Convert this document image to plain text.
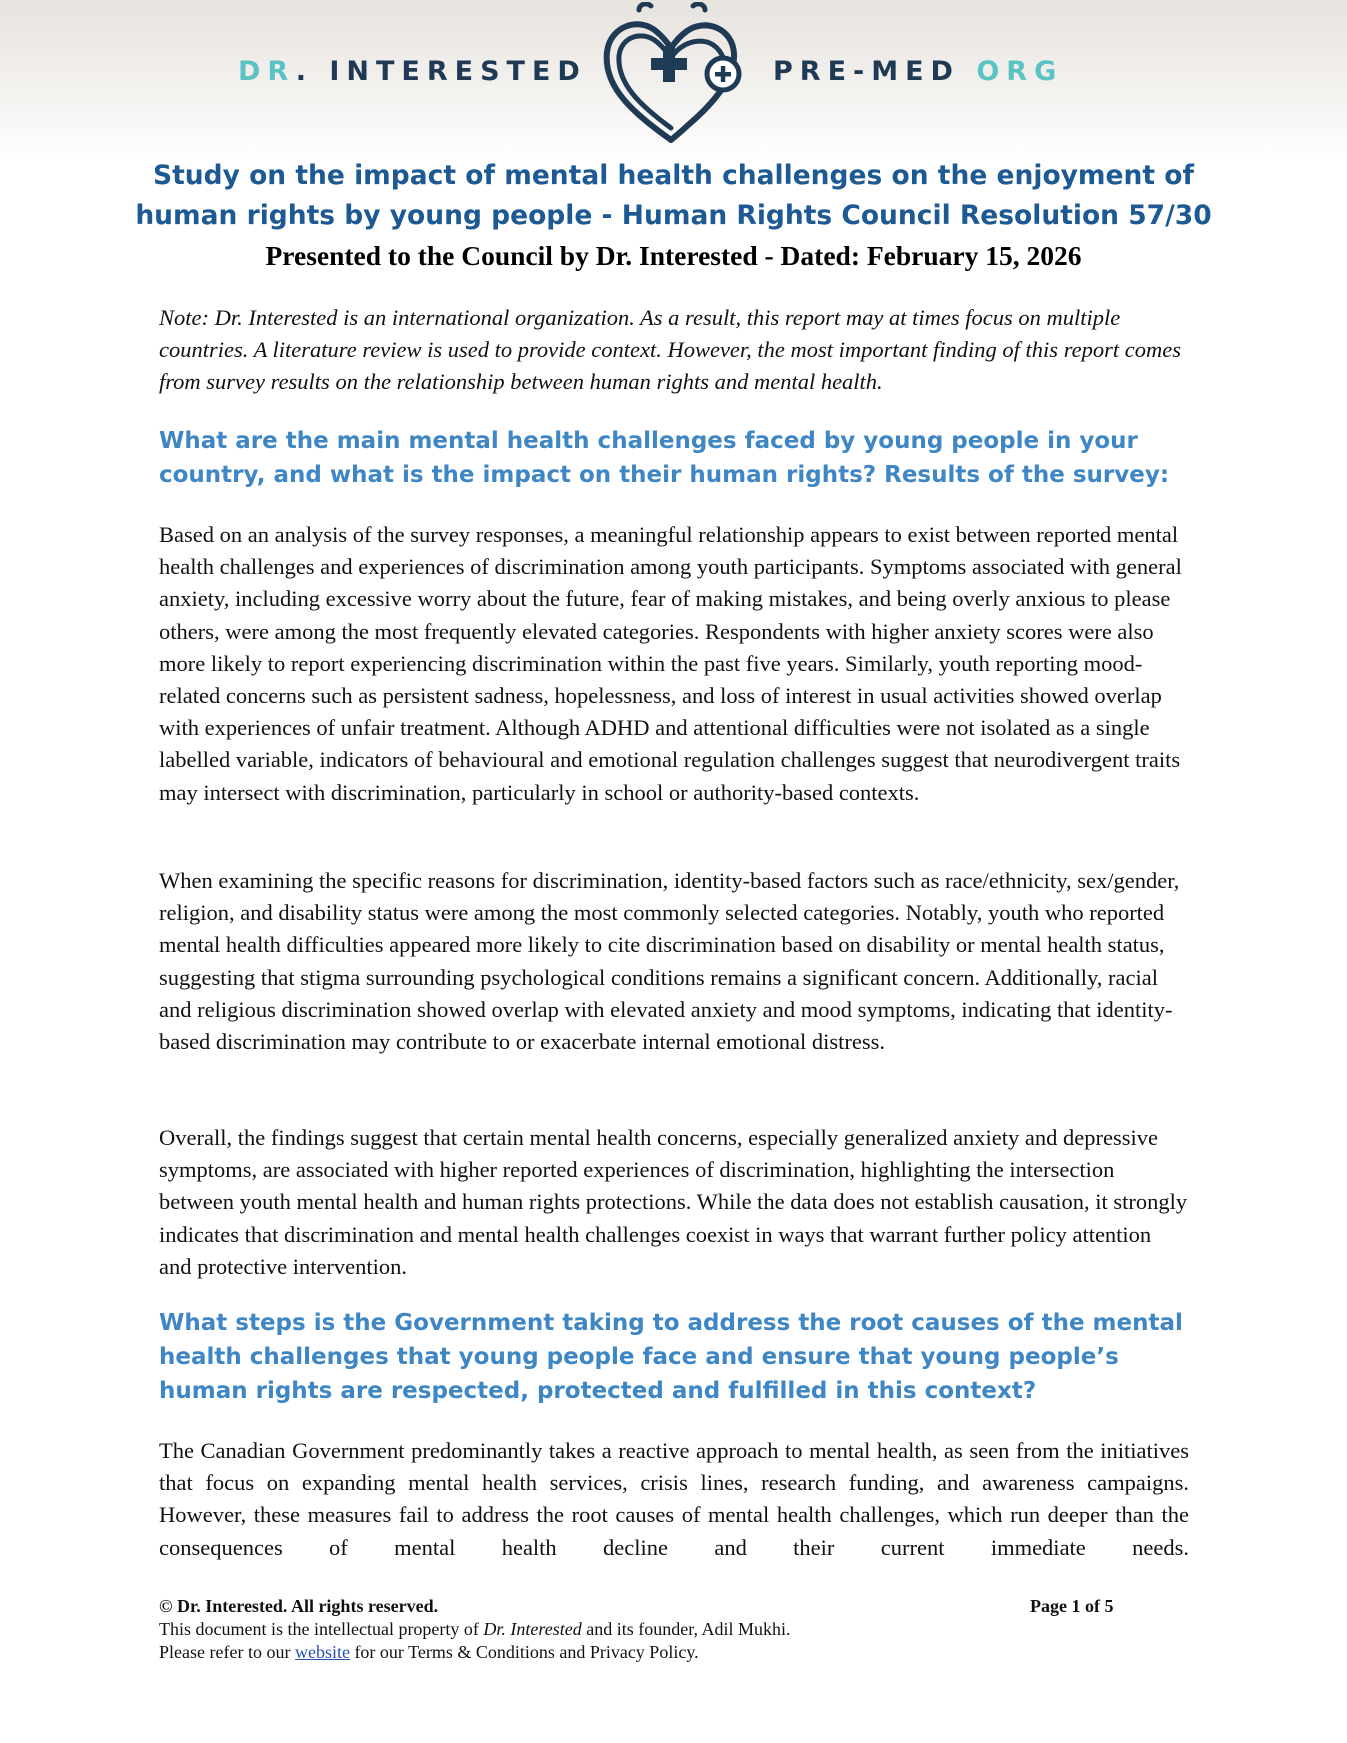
DR. INTERESTED	PRE-MED ORG
Study on the impact of mental health challenges on the enjoyment of human rights by young people - Human Rights Council Resolution 57/30
Presented to the Council by Dr. Interested - Dated: February 15, 2026

Note: Dr. Interested is an international organization. As a result, this report may at times focus on multiple countries. A literature review is used to provide context. However, the most important finding of this report comes from survey results on the relationship between human rights and mental health.

What are the main mental health challenges faced by young people in your country, and what is the impact on their human rights? Results of the survey:

Based on an analysis of the survey responses, a meaningful relationship appears to exist between reported mental health challenges and experiences of discrimination among youth participants. Symptoms associated with general anxiety, including excessive worry about the future, fear of making mistakes, and being overly anxious to please others, were among the most frequently elevated categories. Respondents with higher anxiety scores were also more likely to report experiencing discrimination within the past five years. Similarly, youth reporting mood-related concerns such as persistent sadness, hopelessness, and loss of interest in usual activities showed overlap with experiences of unfair treatment. Although ADHD and attentional difficulties were not isolated as a single labelled variable, indicators of behavioural and emotional regulation challenges suggest that neurodivergent traits may intersect with discrimination, particularly in school or authority-based contexts.

When examining the specific reasons for discrimination, identity-based factors such as race/ethnicity, sex/gender, religion, and disability status were among the most commonly selected categories. Notably, youth who reported mental health difficulties appeared more likely to cite discrimination based on disability or mental health status, suggesting that stigma surrounding psychological conditions remains a significant concern. Additionally, racial and religious discrimination showed overlap with elevated anxiety and mood symptoms, indicating that identity-based discrimination may contribute to or exacerbate internal emotional distress.

Overall, the findings suggest that certain mental health concerns, especially generalized anxiety and depressive symptoms, are associated with higher reported experiences of discrimination, highlighting the intersection between youth mental health and human rights protections. While the data does not establish causation, it strongly indicates that discrimination and mental health challenges coexist in ways that warrant further policy attention and protective intervention.

What steps is the Government taking to address the root causes of the mental health challenges that young people face and ensure that young people’s human rights are respected, protected and fulfilled in this context?

The Canadian Government predominantly takes a reactive approach to mental health, as seen from the initiatives that focus on expanding mental health services, crisis lines, research funding, and awareness campaigns. However, these measures fail to address the root causes of mental health challenges, which run deeper than the consequences of mental health decline and their current immediate needs.

© Dr. Interested. All rights reserved.
This document is the intellectual property of Dr. Interested and its founder, Adil Mukhi.
Please refer to our website for our Terms & Conditions and Privacy Policy.
Page 1 of 5
